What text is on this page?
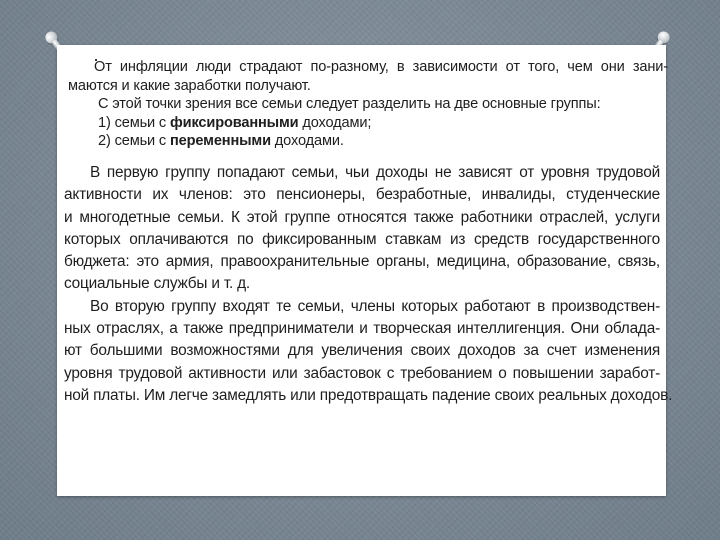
От инфляции люди страдают по-разному, в зависимости от того, чем они зани-
маются и какие заработки получают.
С этой точки зрения все семьи следует разделить на две основные группы:
1) семьи с фиксированными доходами;
2) семьи с переменными доходами.
В первую группу попадают семьи, чьи доходы не зависят от уровня трудовой
активности их членов: это пенсионеры, безработные, инвалиды, студенческие
и многодетные семьи. К этой группе относятся также работники отраслей, услуги
которых оплачиваются по фиксированным ставкам из средств государственного
бюджета: это армия, правоохранительные органы, медицина, образование, связь,
социальные службы и т. д.
Во вторую группу входят те семьи, члены которых работают в производствен-
ных отраслях, а также предприниматели и творческая интеллигенция. Они облада-
ют большими возможностями для увеличения своих доходов за счет изменения
уровня трудовой активности или забастовок с требованием о повышении заработ-
ной платы. Им легче замедлять или предотвращать падение своих реальных доходов.
